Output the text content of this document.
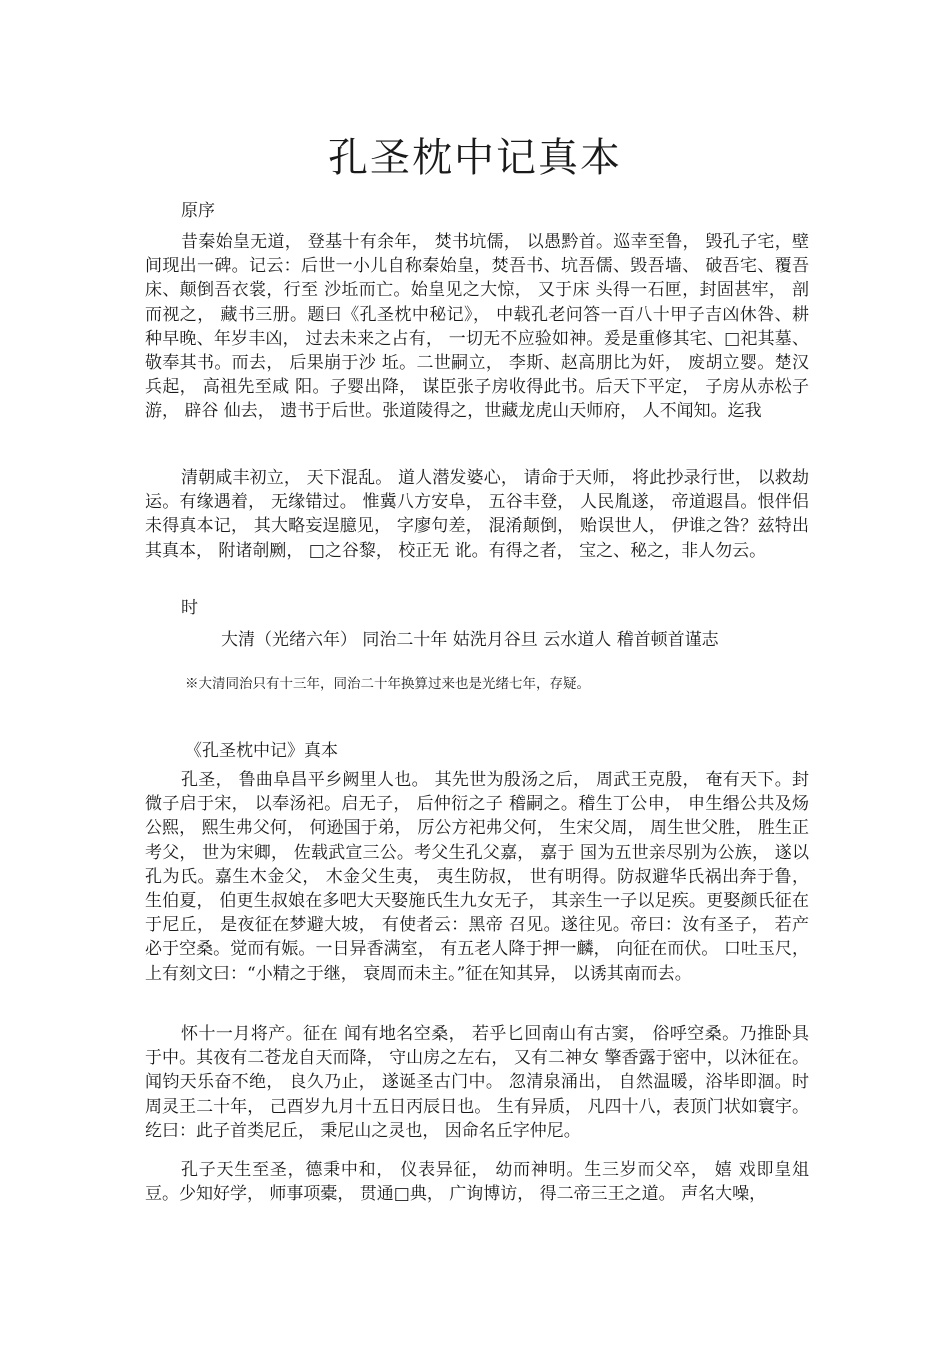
孔圣枕中记真本

原序

昔秦始皇无道， 登基十有余年， 焚书坑儒， 以愚黔首。巡幸至鲁， 毁孔子宅，壁间现出一碑。记云：后世一小儿自称秦始皇，焚吾书、坑吾儒、毁吾墙、 破吾宅、覆吾床、颠倒吾衣裳，行至 沙坵而亡。始皇见之大惊， 又于床 头得一石匣，封固甚牢， 剖而视之， 藏书三册。题曰《孔圣枕中秘记》， 中载孔老问答一百八十甲子吉凶休咎、耕种早晚、年岁丰凶， 过去未来之占有， 一切无不应验如神。爰是重修其宅、□祀其墓、敬奉其书。而去， 后果崩于沙 坵。二世嗣立， 李斯、赵高朋比为奸， 废胡立婴。楚汉兵起， 高祖先至咸 阳。子婴出降， 谋臣张子房收得此书。后天下平定， 子房从赤松子游， 辟谷 仙去， 遗书于后世。张道陵得之，世藏龙虎山天师府， 人不闻知。迄我

清朝咸丰初立， 天下混乱。 道人潜发婆心， 请命于天师， 将此抄录行世， 以救劫运。有缘遇着， 无缘错过。 惟冀八方安阜， 五谷丰登， 人民胤遂， 帝道遐昌。恨伴侣未得真本记， 其大略妄逞臆见， 字廖句差， 混淆颠倒， 贻误世人， 伊谁之咎？兹特出其真本， 附诸剞劂， □之谷黎， 校正无 讹。有得之者， 宝之、秘之，非人勿云。

时

大清（光绪六年） 同治二十年 姑洗月谷旦 云水道人 稽首顿首谨志

※大清同治只有十三年，同治二十年换算过来也是光绪七年，存疑。

《孔圣枕中记》真本

孔圣， 鲁曲阜昌平乡阙里人也。 其先世为殷汤之后， 周武王克殷， 奄有天下。封微子启于宋， 以奉汤祀。启无子， 后仲衍之子 稽嗣之。稽生丁公申， 申生缗公共及炀公熙， 熙生弗父何， 何逊国于弟， 厉公方祀弗父何， 生宋父周， 周生世父胜， 胜生正考父， 世为宋卿， 佐载武宣三公。考父生孔父嘉， 嘉于 国为五世亲尽别为公族， 遂以孔为氏。嘉生木金父， 木金父生夷， 夷生防叔， 世有明得。防叔避华氏祸出奔于鲁， 生伯夏， 伯更生叔娘在多吧大天娶施氏生九女无子， 其亲生一子以足疾。更娶颜氏征在于尼丘， 是夜征在梦避大坡， 有使者云：黑帝 召见。遂往见。帝曰：汝有圣子， 若产必于空桑。觉而有娠。一日异香满室， 有五老人降于押一麟， 向征在而伏。 口吐玉尺， 上有刻文曰：“小精之于继， 衰周而未主。”征在知其异， 以诱其南而去。

怀十一月将产。征在 闻有地名空桑， 若乎匕回南山有古窦， 俗呼空桑。乃推卧具于中。其夜有二苍龙自天而降， 守山房之左右， 又有二神女 擎香露于密中，以沐征在。闻钧天乐奋不绝， 良久乃止， 遂诞圣古门中。 忽清泉涌出， 自然温暖，浴毕即涸。时周灵王二十年， 己酉岁九月十五日丙辰日也。 生有异质， 凡四十八，表顶门状如寰宇。 纥曰：此子首类尼丘， 秉尼山之灵也， 因命名丘字仲尼。

孔子天生至圣，德秉中和， 仪表异征， 幼而神明。生三岁而父卒， 嬉 戏即皇俎豆。少知好学， 师事项橐， 贯通□典， 广询博访， 得二帝三王之道。 声名大噪，
